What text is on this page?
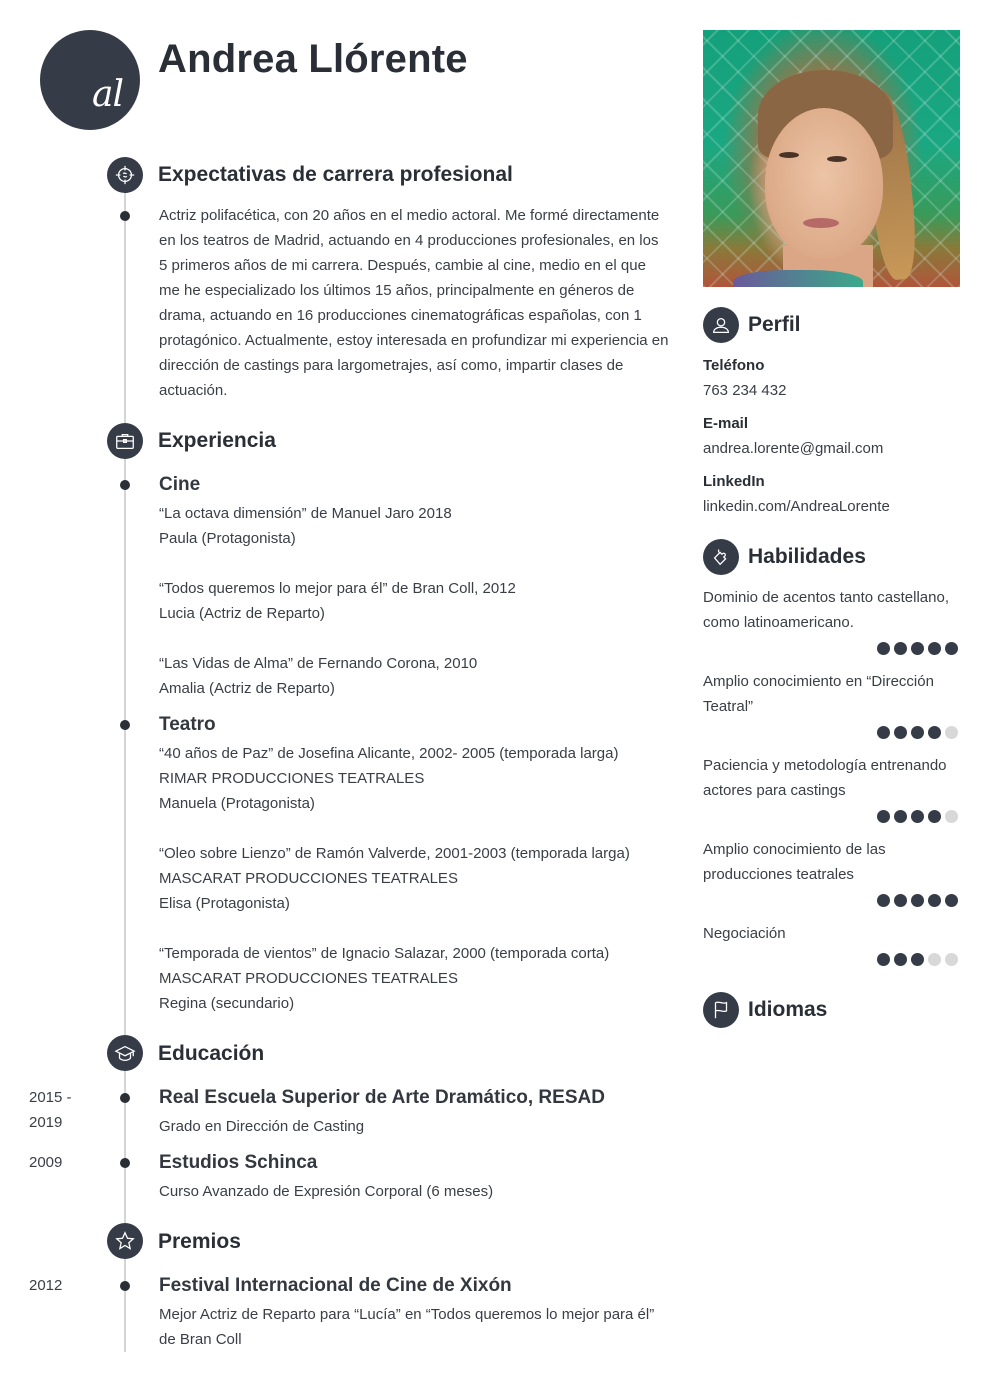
al
Andrea Llórente
Expectativas de carrera profesional
Actriz polifacética, con 20 años en el medio actoral. Me formé directamente en los teatros de Madrid, actuando en 4 producciones profesionales, en los 5 primeros años de mi carrera. Después, cambie al cine, medio en el que me he especializado los últimos 15 años, principalmente en géneros de drama, actuando en 16 producciones cinematográficas españolas, con 1 protagónico. Actualmente, estoy interesada en profundizar mi experiencia en dirección de castings para largometrajes, así como, impartir clases de actuación.
Experiencia
Cine
“La octava dimensión” de Manuel Jaro 2018
Paula (Protagonista)
“Todos queremos lo mejor para él” de Bran Coll, 2012
Lucia (Actriz de Reparto)
“Las Vidas de Alma” de Fernando Corona, 2010
Amalia (Actriz de Reparto)
Teatro
“40 años de Paz” de Josefina Alicante, 2002- 2005 (temporada larga)
RIMAR PRODUCCIONES TEATRALES
Manuela (Protagonista)
“Oleo sobre Lienzo” de Ramón Valverde, 2001-2003 (temporada larga)
MASCARAT PRODUCCIONES TEATRALES
Elisa (Protagonista)
“Temporada de vientos” de Ignacio Salazar, 2000 (temporada corta)
MASCARAT PRODUCCIONES TEATRALES
Regina (secundario)
Educación
2015 -
2019
Real Escuela Superior de Arte Dramático, RESAD
Grado en Dirección de Casting
2009	Estudios Schinca
Curso Avanzado de Expresión Corporal (6 meses)
Premios
2012	Festival Internacional de Cine de Xixón
Mejor Actriz de Reparto para “Lucía” en “Todos queremos lo mejor para él”
de Bran Coll
Perfil
Teléfono
763 234 432
E-mail
andrea.lorente@gmail.com
LinkedIn
linkedin.com/AndreaLorente
Habilidades
Dominio de acentos tanto castellano, como latinoamericano.
Amplio conocimiento en “Dirección Teatral”
Paciencia y metodología entrenando actores para castings
Amplio conocimiento de las producciones teatrales
Negociación
Idiomas
